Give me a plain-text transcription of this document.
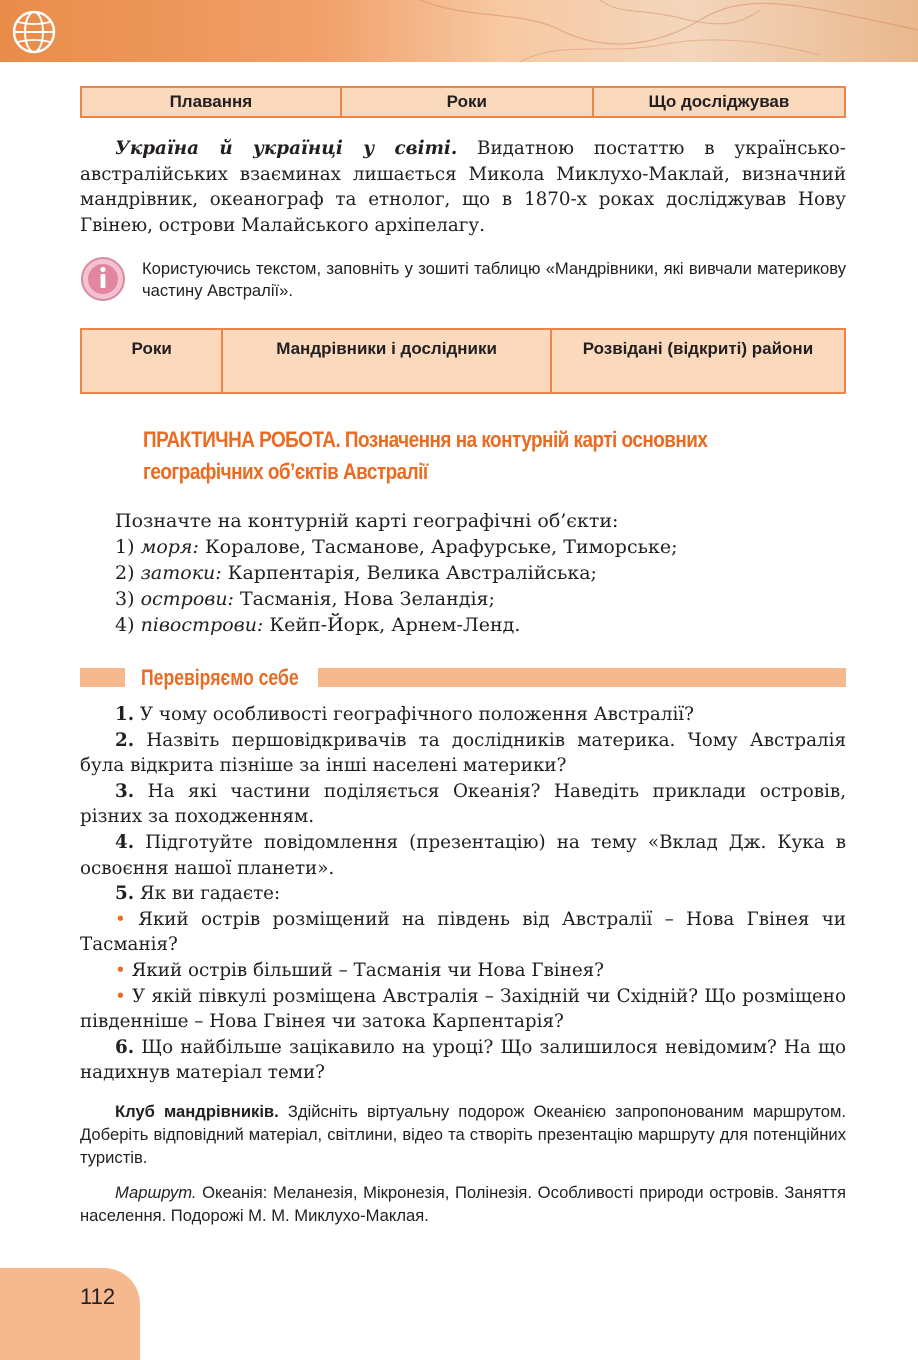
Плавання	Роки	Що досліджував

Україна й українці у світі. Видатною постаттю в українсько-австралійських взаєминах лишається Микола Миклухо-Маклай, визначний мандрівник, океанограф та етнолог, що в 1870-х роках досліджував Нову Гвінею, острови Малайського архіпелагу.

Користуючись текстом, заповніть у зошиті таблицю «Мандрівники, які вивчали материкову частину Австралії».

Роки	Мандрівники і дослідники	Розвідані (відкриті) райони
ПРАКТИЧНА РОБОТА. Позначення на контурній карті основних
географічних об’єктів Австралії
Позначте на контурній карті географічні об’єкти:
1) моря: Коралове, Тасманове, Арафурське, Тиморське;
2) затоки: Карпентарія, Велика Австралійська;
3) острови: Тасманія, Нова Зеландія;
4) півострови: Кейп-Йорк, Арнем-Ленд.
Перевіряємо себе

1. У чому особливості географічного положення Австралії?

2. Назвіть першовідкривачів та дослідників материка. Чому Австралія була відкрита пізніше за інші населені материки?

3. На які частини поділяється Океанія? Наведіть приклади островів, різних за походженням.

4. Підготуйте повідомлення (презентацію) на тему «Вклад Дж. Кука в освоєння нашої планети».

5. Як ви гадаєте:

• Який острів розміщений на південь від Австралії – Нова Гвінея чи Тасманія?

• Який острів більший – Тасманія чи Нова Гвінея?

• У якій півкулі розміщена Австралія – Західній чи Східній? Що розміщено південніше – Нова Гвінея чи затока Карпентарія?

6. Що найбільше зацікавило на уроці? Що залишилося невідомим? На що надихнув матеріал теми?

Клуб мандрівників. Здійсніть віртуальну подорож Океанією запропонованим маршрутом. Доберіть відповідний матеріал, світлини, відео та створіть презентацію маршруту для потенційних туристів.

Маршрут. Океанія: Меланезія, Мікронезія, Полінезія. Особливості природи островів. Заняття населення. Подорожі М. М. Миклухо-Маклая.

112
